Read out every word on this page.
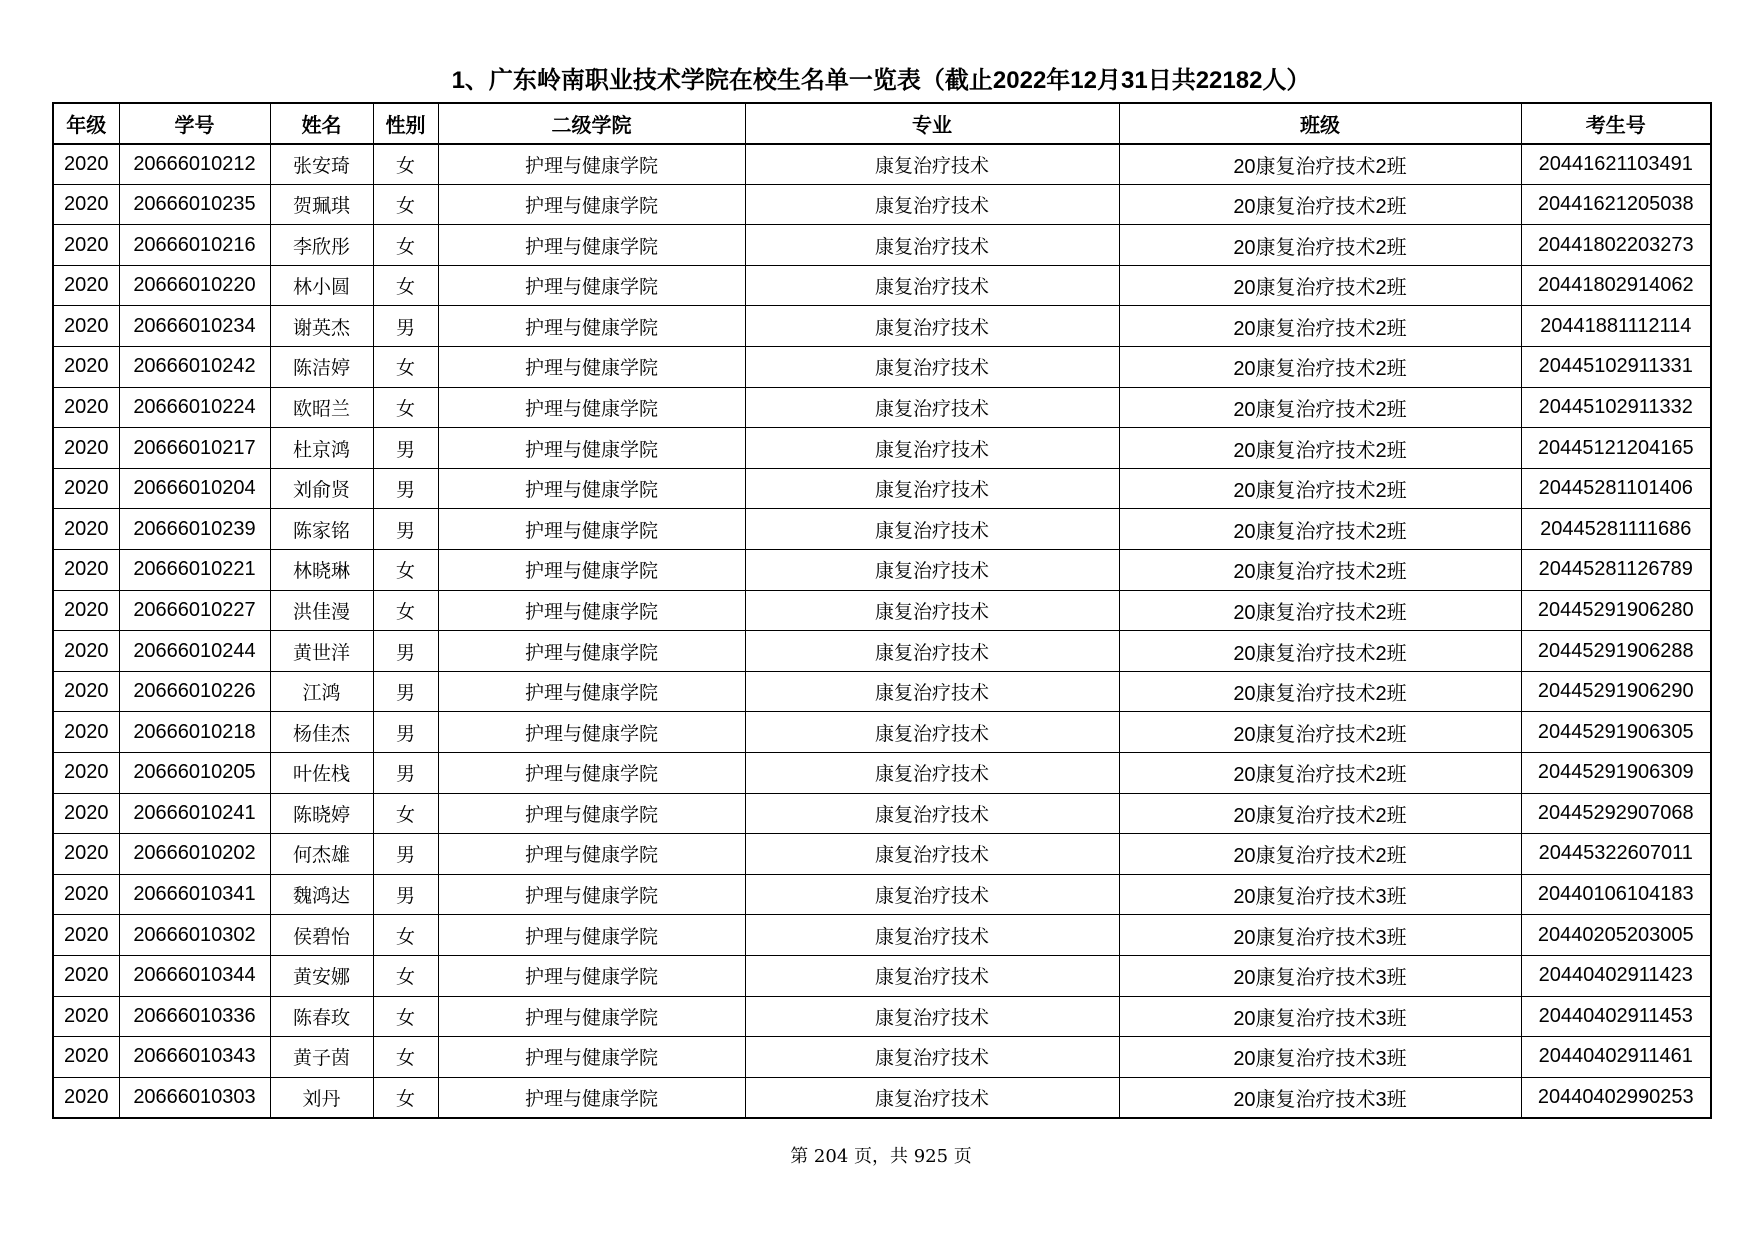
1、广东岭南职业技术学院在校生名单一览表（截止2022年12月31日共22182人）
年级	学号	姓名	性别	二级学院	专业	班级	考生号
2020	20666010212	张安琦	女	护理与健康学院	康复治疗技术	20康复治疗技术2班	20441621103491
2020	20666010235	贺珮琪	女	护理与健康学院	康复治疗技术	20康复治疗技术2班	20441621205038
2020	20666010216	李欣彤	女	护理与健康学院	康复治疗技术	20康复治疗技术2班	20441802203273
2020	20666010220	林小圆	女	护理与健康学院	康复治疗技术	20康复治疗技术2班	20441802914062
2020	20666010234	谢英杰	男	护理与健康学院	康复治疗技术	20康复治疗技术2班	20441881112114
2020	20666010242	陈洁婷	女	护理与健康学院	康复治疗技术	20康复治疗技术2班	20445102911331
2020	20666010224	欧昭兰	女	护理与健康学院	康复治疗技术	20康复治疗技术2班	20445102911332
2020	20666010217	杜京鸿	男	护理与健康学院	康复治疗技术	20康复治疗技术2班	20445121204165
2020	20666010204	刘俞贤	男	护理与健康学院	康复治疗技术	20康复治疗技术2班	20445281101406
2020	20666010239	陈家铭	男	护理与健康学院	康复治疗技术	20康复治疗技术2班	20445281111686
2020	20666010221	林晓琳	女	护理与健康学院	康复治疗技术	20康复治疗技术2班	20445281126789
2020	20666010227	洪佳漫	女	护理与健康学院	康复治疗技术	20康复治疗技术2班	20445291906280
2020	20666010244	黄世洋	男	护理与健康学院	康复治疗技术	20康复治疗技术2班	20445291906288
2020	20666010226	江鸿	男	护理与健康学院	康复治疗技术	20康复治疗技术2班	20445291906290
2020	20666010218	杨佳杰	男	护理与健康学院	康复治疗技术	20康复治疗技术2班	20445291906305
2020	20666010205	叶佐栈	男	护理与健康学院	康复治疗技术	20康复治疗技术2班	20445291906309
2020	20666010241	陈晓婷	女	护理与健康学院	康复治疗技术	20康复治疗技术2班	20445292907068
2020	20666010202	何杰雄	男	护理与健康学院	康复治疗技术	20康复治疗技术2班	20445322607011
2020	20666010341	魏鸿达	男	护理与健康学院	康复治疗技术	20康复治疗技术3班	20440106104183
2020	20666010302	侯碧怡	女	护理与健康学院	康复治疗技术	20康复治疗技术3班	20440205203005
2020	20666010344	黄安娜	女	护理与健康学院	康复治疗技术	20康复治疗技术3班	20440402911423
2020	20666010336	陈春玫	女	护理与健康学院	康复治疗技术	20康复治疗技术3班	20440402911453
2020	20666010343	黄子茵	女	护理与健康学院	康复治疗技术	20康复治疗技术3班	20440402911461
2020	20666010303	刘丹	女	护理与健康学院	康复治疗技术	20康复治疗技术3班	20440402990253
第 204 页，共 925 页
